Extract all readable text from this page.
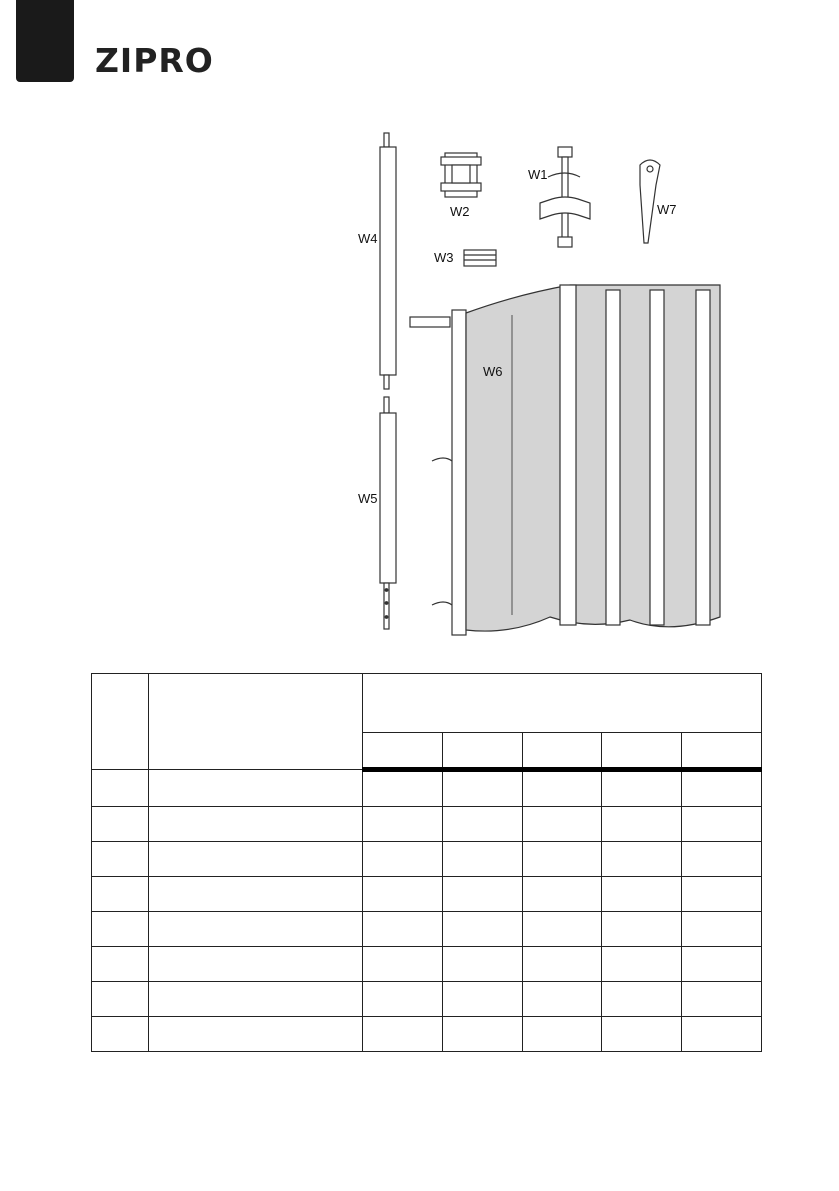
ZIPRO
W4
W5
W2
W3
W1
W7
W6
